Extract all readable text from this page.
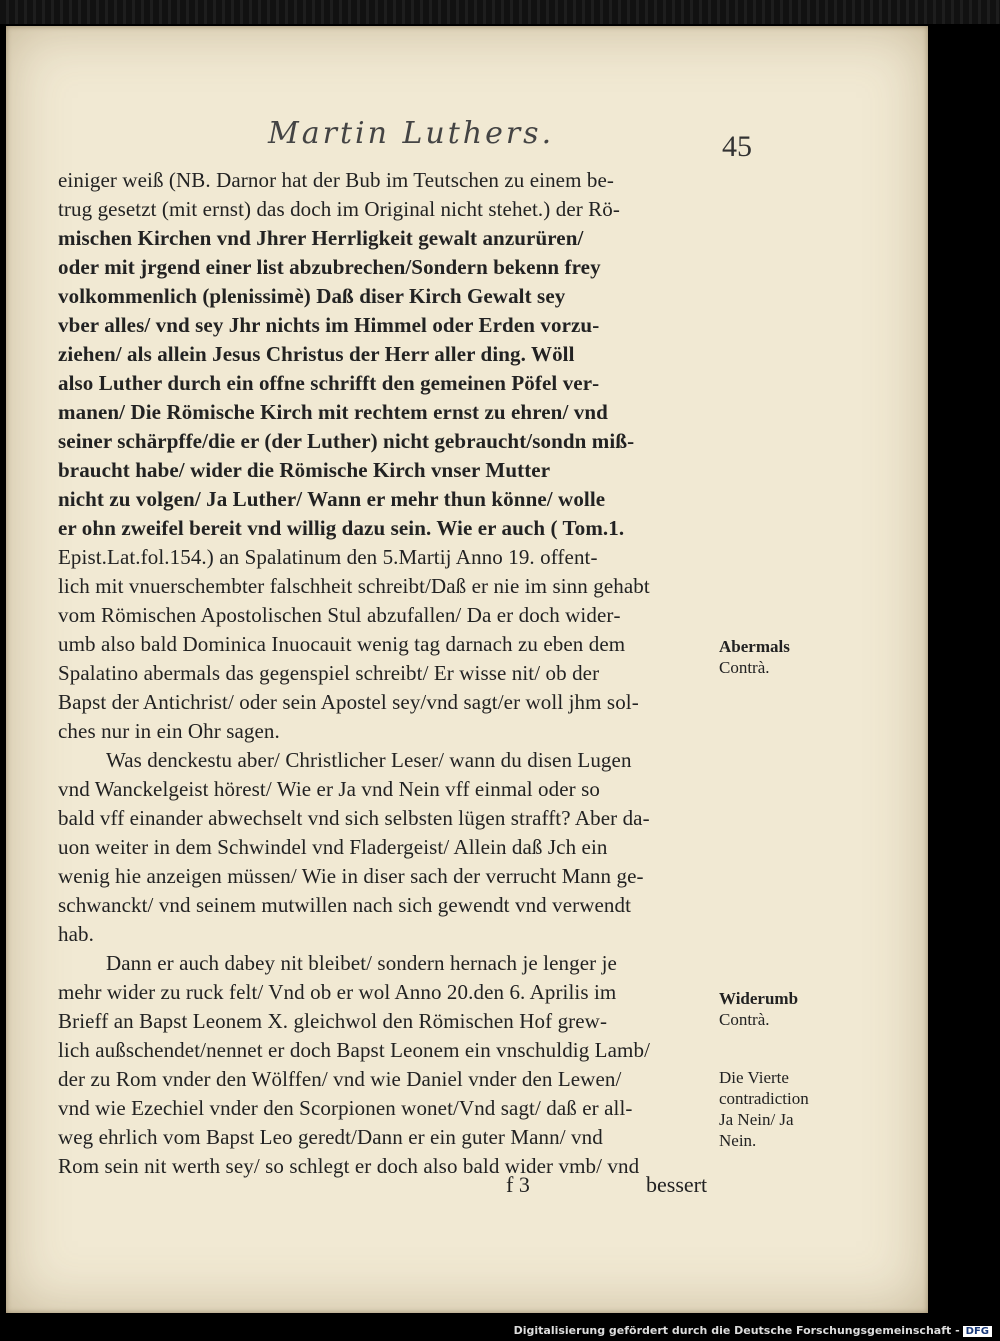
Martin Luthers.	45
einiger weiß (NB. Darnor hat der Bub im Teutschen zu einem be‑
trug gesetzt (mit ernst) das doch im Original nicht stehet.) der Rö‑
mischen Kirchen vnd Jhrer Herrligkeit gewalt anzurüren/
oder mit jrgend einer list abzubrechen/Sondern bekenn frey
volkommenlich (plenissimè) Daß diser Kirch Gewalt sey
vber alles/ vnd sey Jhr nichts im Himmel oder Erden vorzu‑
ziehen/ als allein Jesus Christus der Herr aller ding. Wöll
also Luther durch ein offne schrifft den gemeinen Pöfel ver‑
manen/ Die Römische Kirch mit rechtem ernst zu ehren/ vnd
seiner schärpffe/die er (der Luther) nicht gebraucht/sondn miß‑
braucht habe/ wider die Römische Kirch vnser Mutter
nicht zu volgen/ Ja Luther/ Wann er mehr thun könne/ wolle
er ohn zweifel bereit vnd willig dazu sein. Wie er auch ( Tom.1.
Epist.Lat.fol.154.) an Spalatinum den 5.Martij Anno 19. offent‑
lich mit vnuerschembter falschheit schreibt/Daß er nie im sinn gehabt
vom Römischen Apostolischen Stul abzufallen/ Da er doch wider‑
umb also bald Dominica Inuocauit wenig tag darnach zu eben dem
Spalatino abermals das gegenspiel schreibt/ Er wisse nit/ ob der
Bapst der Antichrist/ oder sein Apostel sey/vnd sagt/er woll jhm sol‑
ches nur in ein Ohr sagen.
Was denckestu aber/ Christlicher Leser/ wann du disen Lugen
vnd Wanckelgeist hörest/ Wie er Ja vnd Nein vff einmal oder so
bald vff einander abwechselt vnd sich selbsten lügen strafft? Aber da‑
uon weiter in dem Schwindel vnd Fladergeist/ Allein daß Jch ein
wenig hie anzeigen müssen/ Wie in diser sach der verrucht Mann ge‑
schwanckt/ vnd seinem mutwillen nach sich gewendt vnd verwendt
hab.
Dann er auch dabey nit bleibet/ sondern hernach je lenger je
mehr wider zu ruck felt/ Vnd ob er wol Anno 20.den 6. Aprilis im
Brieff an Bapst Leonem X. gleichwol den Römischen Hof grew‑
lich außschendet/nennet er doch Bapst Leonem ein vnschuldig Lamb/
der zu Rom vnder den Wölffen/ vnd wie Daniel vnder den Lewen/
vnd wie Ezechiel vnder den Scorpionen wonet/Vnd sagt/ daß er all‑
weg ehrlich vom Bapst Leo geredt/Dann er ein guter Mann/ vnd
Rom sein nit werth sey/ so schlegt er doch also bald wider vmb/ vnd
Abermals
Contrà.
Widerumb
Contrà.
Die Vierte
contradiction
Ja Nein/ Ja
Nein.
f 3	bessert
Digitalisierung gefördert durch die Deutsche Forschungsgemeinschaft - DFG
